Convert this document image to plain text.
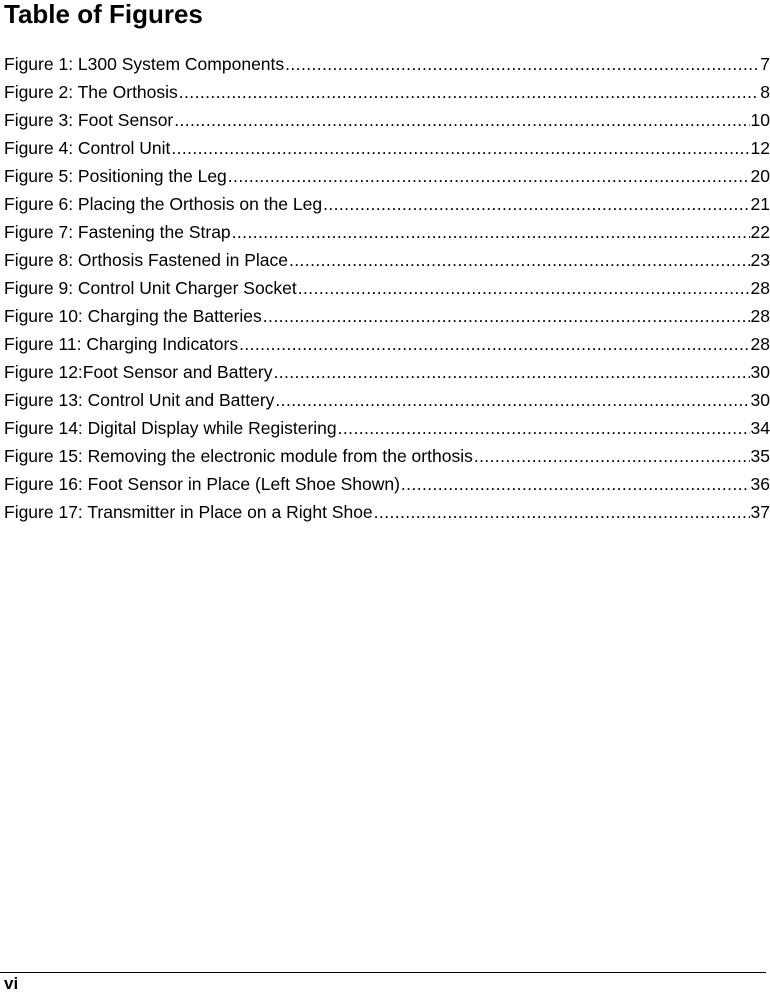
Table of Figures
Figure 1: L300 System Components .....	7
Figure 2: The Orthosis .....	8
Figure 3: Foot Sensor .....	10
Figure 4: Control Unit .....	12
Figure 5: Positioning the Leg .....	20
Figure 6: Placing the Orthosis on the Leg .....	21
Figure 7: Fastening the Strap .....	22
Figure 8: Orthosis Fastened in Place .....	23
Figure 9: Control Unit Charger Socket .....	28
Figure 10: Charging the Batteries .....	28
Figure 11: Charging Indicators .....	28
Figure 12:Foot Sensor and Battery .....	30
Figure 13: Control Unit and Battery .....	30
Figure 14: Digital Display while Registering .....	34
Figure 15: Removing the electronic module from the orthosis .....	35
Figure 16: Foot Sensor in Place (Left Shoe Shown) .....	36
Figure 17: Transmitter in Place on a Right Shoe .....	37
vi
